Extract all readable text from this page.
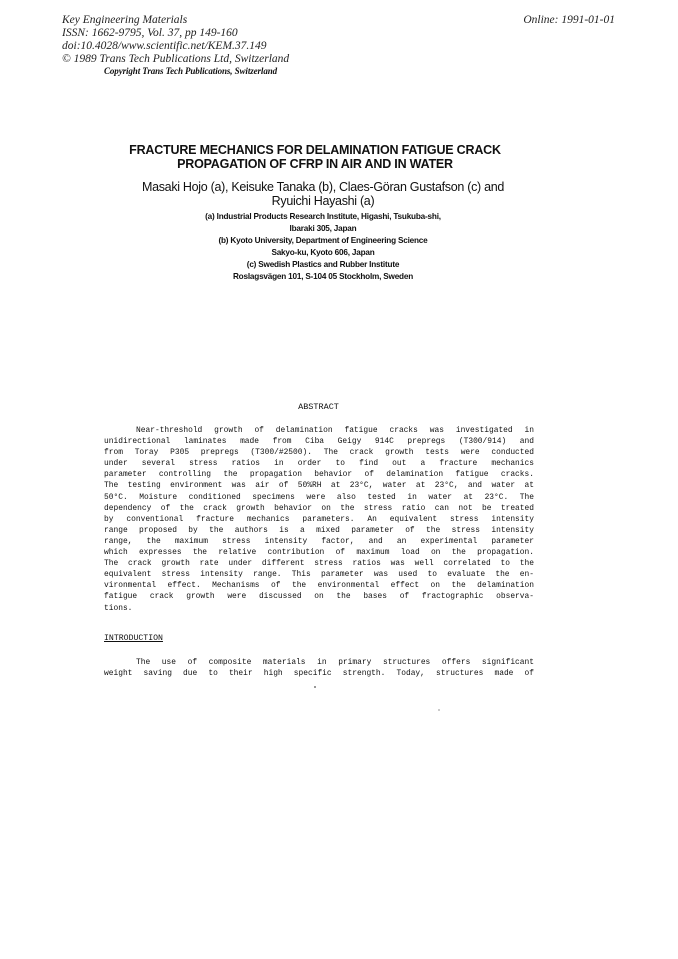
Key Engineering Materials
ISSN: 1662-9795, Vol. 37, pp 149-160
doi:10.4028/www.scientific.net/KEM.37.149
© 1989 Trans Tech Publications Ltd, Switzerland
Online: 1991-01-01
Copyright Trans Tech Publications, Switzerland
FRACTURE MECHANICS FOR DELAMINATION FATIGUE CRACK
PROPAGATION OF CFRP IN AIR AND IN WATER
Masaki Hojo (a), Keisuke Tanaka (b), Claes-Göran Gustafson (c) and
Ryuichi Hayashi (a)
(a) Industrial Products Research Institute, Higashi, Tsukuba-shi,
Ibaraki 305, Japan
(b) Kyoto University, Department of Engineering Science
Sakyo-ku, Kyoto 606, Japan
(c) Swedish Plastics and Rubber Institute
Roslagsvägen 101, S-104 05 Stockholm, Sweden
ABSTRACT
Near-threshold growth of delamination fatigue cracks was investigated in
unidirectional laminates made from Ciba Geigy 914C prepregs (T300/914) and
from Toray P305 prepregs (T300/#2500). The crack growth tests were conducted
under several stress ratios in order to find out a fracture mechanics
parameter controlling the propagation behavior of delamination fatigue cracks.
The testing environment was air of 50%RH at 23°C, water at 23°C, and water at
50°C. Moisture conditioned specimens were also tested in water at 23°C. The
dependency of the crack growth behavior on the stress ratio can not be treated
by conventional fracture mechanics parameters. An equivalent stress intensity
range proposed by the authors is a mixed parameter of the stress intensity
range, the maximum stress intensity factor, and an experimental parameter
which expresses the relative contribution of maximum load on the propagation.
The crack growth rate under different stress ratios was well correlated to the
equivalent stress intensity range. This parameter was used to evaluate the en-
vironmental effect. Mechanisms of the environmental effect on the delamination
fatigue crack growth were discussed on the bases of fractographic observa-
tions.
INTRODUCTION
The use of composite materials in primary structures offers significant
weight saving due to their high specific strength. Today, structures made of
